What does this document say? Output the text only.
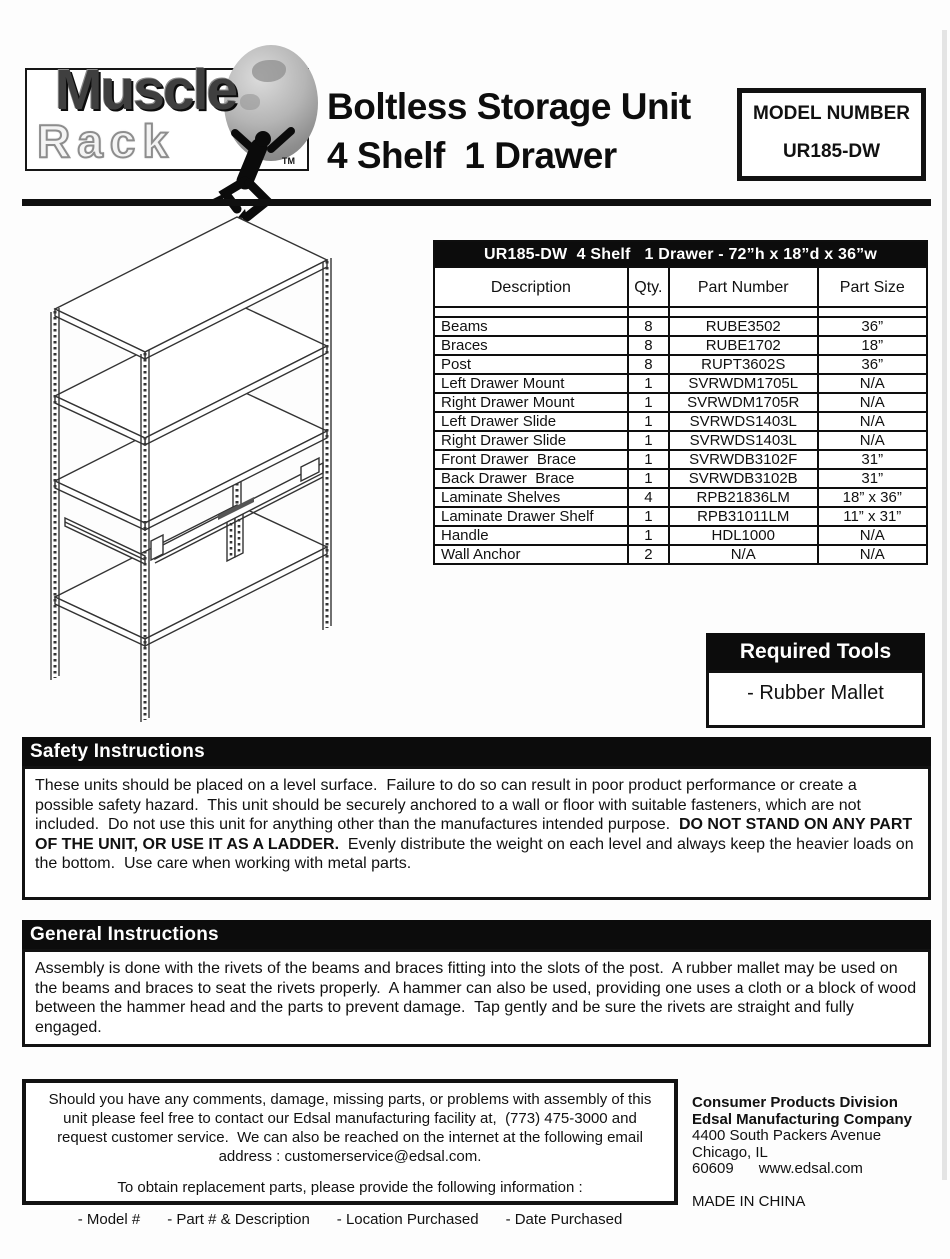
Muscle
Rack	TM
Boltless Storage Unit
4 Shelf  1 Drawer
MODEL NUMBER
UR185-DW
UR185-DW  4 Shelf   1 Drawer - 72”h x 18”d x 36”w			
Description	Qty.	Part Number	Part Size

Beams	8	RUBE3502	36”
Braces	8	RUBE1702	18”
Post	8	RUPT3602S	36”
Left Drawer Mount	1	SVRWDM1705L	N/A
Right Drawer Mount	1	SVRWDM1705R	N/A
Left Drawer Slide	1	SVRWDS1403L	N/A
Right Drawer Slide	1	SVRWDS1403L	N/A
Front Drawer  Brace	1	SVRWDB3102F	31”
Back Drawer  Brace	1	SVRWDB3102B	31”
Laminate Shelves	4	RPB21836LM	18” x 36”
Laminate Drawer Shelf	1	RPB31011LM	11” x 31”
Handle	1	HDL1000	N/A
Wall Anchor	2	N/A	N/A
Required Tools
- Rubber Mallet
Safety Instructions
These units should be placed on a level surface.  Failure to do so can result in poor product performance or create a possible safety hazard.  This unit should be securely anchored to a wall or floor with suitable fasteners, which are not included.  Do not use this unit for anything other than the manufactures intended purpose.  DO NOT STAND ON ANY PART OF THE UNIT, OR USE IT AS A LADDER.  Evenly distribute the weight on each level and always keep the heavier loads on the bottom.  Use care when working with metal parts.
General Instructions
Assembly is done with the rivets of the beams and braces fitting into the slots of the post.  A rubber mallet may be used on the beams and braces to seat the rivets properly.  A hammer can also be used, providing one uses a cloth or a block of wood between the hammer head and the parts to prevent damage.  Tap gently and be sure the rivets are straight and fully engaged.
Should you have any comments, damage, missing parts, or problems with assembly of this unit please feel free to contact our Edsal manufacturing facility at,  (773) 475-3000 and request customer service.  We can also be reached on the internet at the following email address : customerservice@edsal.com.
To obtain replacement parts, please provide the following information :
- Model # - Part # & Description - Location Purchased - Date Purchased
Consumer Products Division
Edsal Manufacturing Company
4400 South Packers Avenue
Chicago, IL 60609 www.edsal.com
MADE IN CHINA
